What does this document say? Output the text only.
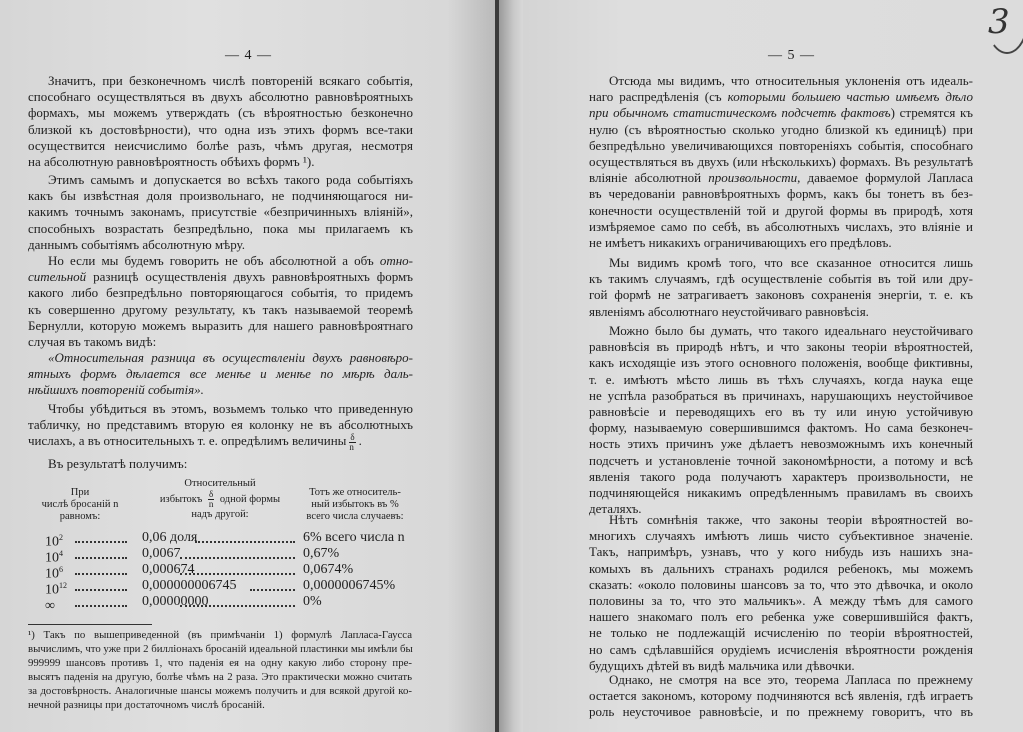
— 4 —
Значитъ, при безконечномъ числѣ повтореній всякаго событія,
способнаго осуществляться въ двухъ абсолютно равновѣроятныхъ
формахъ, мы можемъ утверждать (съ вѣроятностью безконечно
близкой къ достовѣрности), что одна изъ этихъ формъ все-таки
осуществится неисчислимо болѣе разъ, чѣмъ другая, несмотря
на абсолютную равновѣроятность обѣихъ формъ ¹).
Этимъ самымъ и допускается во всѣхъ такого рода событіяхъ
какъ бы извѣстная доля произвольнаго, не подчиняющагося ни-
какимъ точнымъ законамъ, присутствіе «безпричинныхъ вліяній»,
способныхъ возрастать безпредѣльно, пока мы прилагаемъ къ
даннымъ событіямъ абсолютную мѣру.
Но если мы будемъ говорить не объ абсолютной а объ отно-
сительной разницѣ осуществленія двухъ равновѣроятныхъ формъ
какого либо безпредѣльно повторяющагося событія, то придемъ
къ совершенно другому результату, къ такъ называемой теоремѣ
Бернулли, которую можемъ выразить для нашего равновѣроятнаго
случая въ такомъ видѣ:
«Относительная разница въ осуществленіи двухъ равновѣро-
ятныхъ формъ дѣлается все менѣе и менѣе по мѣрѣ даль-
нѣйшихъ повтореній событія».
Чтобы убѣдиться въ этомъ, возьмемъ только что приведенную
табличку, но представимъ вторую ея колонку не въ абсолютныхъ
числахъ, а въ относительныхъ т. е. опредѣлимъ величины $\frac{\delta}{n}$ .
Въ результатѣ получимъ:
При
числѣ бросаній n
равномъ:
Относительный
избытокъ $\frac{\delta}{n}$ одной формы
надъ другой:
Тотъ же относитель-
ный избытокъ въ %
всего числа случаевъ:
$10^2$	0,06 доля	6% всего числа n
$10^4$	0,0067	0,67%
$10^6$	0,000674	0,0674%
$10^{12}$	0,000000006745	0,0000006745%
∞	0,00000000	0%
¹) Такъ по вышеприведенной (въ примѣчаніи 1) формулѣ Лапласа-Гаусса
вычислимъ, что уже при 2 билліонахъ бросаній идеальной пластинки мы имѣли бы
999999 шансовъ противъ 1, что паденія ея на одну какую либо сторону пре-
высятъ паденія на другую, болѣе чѣмъ на 2 раза. Это практически можно считать
за достовѣрность. Аналогичные шансы можемъ получить и для всякой другой ко-
нечной разницы при достаточномъ числѣ бросаній.
— 5 —
Отсюда мы видимъ, что относительныя уклоненія отъ идеаль-
наго распредѣленія (съ которыми большею частью имѣемъ дѣло
при обычномъ статистическомъ подсчетѣ фактовъ) стремятся къ
нулю (съ вѣроятностью сколько угодно близкой къ единицѣ) при
безпредѣльно увеличивающихся повтореніяхъ событія, способнаго
осуществляться въ двухъ (или нѣсколькихъ) формахъ. Въ результатѣ
вліяніе абсолютной произвольности, даваемое формулой Лапласа
въ чередованіи равновѣроятныхъ формъ, какъ бы тонетъ въ без-
конечности осуществленій той и другой формы въ природѣ, хотя
измѣряемое само по себѣ, въ абсолютныхъ числахъ, это вліяніе и
не имѣетъ никакихъ ограничивающихъ его предѣловъ.
Мы видимъ кромѣ того, что все сказанное относится лишь
къ такимъ случаямъ, гдѣ осуществленіе событія въ той или дру-
гой формѣ не затрагиваетъ законовъ сохраненія энергіи, т. е. къ
явленіямъ абсолютнаго неустойчиваго равновѣсія.
Можно было бы думать, что такого идеальнаго неустойчиваго
равновѣсія въ природѣ нѣтъ, и что законы теоріи вѣроятностей,
какъ исходящіе изъ этого основного положенія, вообще фиктивны,
т. е. имѣютъ мѣсто лишь въ тѣхъ случаяхъ, когда наука еще
не успѣла разобраться въ причинахъ, нарушающихъ неустойчивое
равновѣсіе и переводящихъ его въ ту или иную устойчивую
форму, называемую совершившимся фактомъ. Но сама безконеч-
ность этихъ причинъ уже дѣлаетъ невозможнымъ ихъ конечный
подсчетъ и установленіе точной закономѣрности, а потому и всѣ
явленія такого рода получаютъ характеръ произвольности, не
подчиняющейся никакимъ опредѣленнымъ правиламъ въ своихъ
деталяхъ.
Нѣтъ сомнѣнія также, что законы теоріи вѣроятностей во-
многихъ случаяхъ имѣютъ лишь чисто субъективное значеніе.
Такъ, напримѣръ, узнавъ, что у кого нибудь изъ нашихъ зна-
комыхъ въ дальнихъ странахъ родился ребенокъ, мы можемъ
сказать: «около половины шансовъ за то, что это дѣвочка, и около
половины за то, что это мальчикъ». А между тѣмъ для самого
нашего знакомаго полъ его ребенка уже совершившійся фактъ,
не только не подлежащій исчисленію по теоріи вѣроятностей,
но самъ сдѣлавшійся орудіемъ исчисленія вѣроятности рожденія
будущихъ дѣтей въ видѣ мальчика или дѣвочки.
Однако, не смотря на все это, теорема Лапласа по прежнему
остается закономъ, которому подчиняются всѣ явленія, гдѣ играетъ
роль неусточивое равновѣсіе, и по прежнему говоритъ, что въ
3
